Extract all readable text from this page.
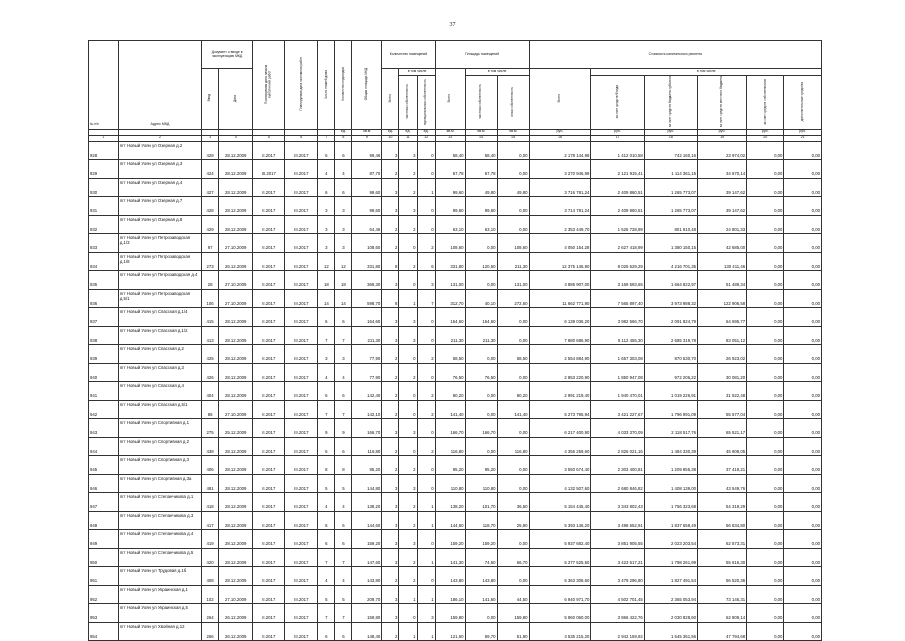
37
№ п/п	Адрес МКД	Документ о вводе в эксплуатацию МКД		Планируемая дата начала выполнения работ	Планируемая дата окончания работ	Число этажей дома	Количество подъездов	Общая площадь МКД	Количество помещений			Площадь помещений			Стоимость капитального ремонта					
		Ввод	Дата						Всего	в том числе		Всего	в том числе		Всего	в том числе				
										частная собственность	муниципальная собственность		частная собственность	иная собственность		за счет средств Фонда	за счет средств бюджета субъекта	за счет средств местного бюджета	за счет средств собственников	дополнительные средства
							ед.	кв.м	ед.	ед.	ед.	кв.м	кв.м	кв.м	руб.	руб.	руб.	руб.	руб.	руб.
1	2	3	4	5	6	7	8	9	10	11	12	13	14	15	16	17	18	19	20	21
928	пгт Новый Уоян ул Озерная д.2	428	28.12.2009	II.2017	III.2017	6	6	99,46	3	3	0	58,40	58,40	0,00	2 178 144,98	1 412 010,58	742 160,16	23 974,02	0,00	0,00
929	пгт Новый Уоян ул Озерная д.3	424	28.12.2009	III.2017	III.2017	4	4	87,70	2	2	0	67,78	67,78	0,00	3 270 946,99	2 121 915,41	1 114 361,15	34 670,14	0,00	0,00
930	пгт Новый Уоян ул Озерная д.4	427	28.12.2009	II.2017	III.2017	6	6	99,60	3	2	1	99,60	49,80	49,80	3 716 781,24	2 409 860,51	1 265 773,07	39 147,62	0,00	0,00
931	пгт Новый Уоян ул Озерная д.7	428	28.12.2009	II.2017	III.2017	3	3	99,60	3	3	0	99,60	99,60	0,00	3 714 781,24	2 409 860,51	1 265 773,07	39 147,62	0,00	0,00
932	пгт Новый Уоян ул Озерная д.8	429	28.12.2009	II.2017	III.2017	3	3	64,46	2	2	0	63,10	63,10	0,00	2 353 449,70	1 526 728,99	801 910,48	24 801,33	0,00	0,00
933	пгт Новый Уоян ул Петрозаводская д.1/3	97	27.10.2009	II.2017	III.2017	3	3	108,60	2	0	2	108,60	0,00	108,60	4 050 154,28	2 627 418,99	1 380 150,15	42 685,00	0,00	0,00
934	пгт Новый Уоян ул Петрозаводская д.1/8	273	26.12.2009	II.2017	III.2017	12	12	331,80	8	2	6	331,80	120,50	211,30	12 375 146,90	8 025 629,29	4 216 701,35	130 411,46	0,00	0,00
935	пгт Новый Уоян ул Петрозаводская д.4	28	27.10.2009	II.2017	III.2017	18	18	369,30	3	0	3	131,00	0,00	131,00	4 885 907,00	3 169 593,65	1 664 822,97	51 489,34	0,00	0,00
936	пгт Новый Уоян ул Петрозаводская д.5/1	106	27.10.2009	II.2017	III.2017	14	14	598,70	8	1	7	312,70	40,10	272,60	11 662 771,90	7 565 897,40	3 973 988,32	122 906,58	0,00	0,00
937	пгт Новый Уоян ул Спасская д.1/4	415	28.12.2009	II.2017	III.2017	6	6	164,60	3	3	0	164,60	164,60	0,00	6 139 036,20	3 982 566,70	2 091 824,79	64 695,77	0,00	0,00
938	пгт Новый Уоян ул Спасская д.1/2	413	28.12.2009	II.2017	III.2017	7	7	211,30	3	3	0	211,30	211,30	0,00	7 880 686,90	5 112 455,30	2 685 319,78	83 051,12	0,00	0,00
939	пгт Новый Уоян ул Спасская д.2	425	28.12.2009	II.2017	III.2017	3	3	77,90	2	0	2	68,50	0,00	68,50	2 554 884,90	1 657 303,08	870 530,70	26 923,02	0,00	0,00
940	пгт Новый Уоян ул Спасская д.3	426	28.12.2009	II.2017	III.2017	4	4	77,90	2	2	0	76,50	76,50	0,00	2 853 220,90	1 850 947,08	972 206,22	30 081,20	0,00	0,00
941	пгт Новый Уоян ул Спасская д.4	404	28.12.2009	II.2017	III.2017	6	6	142,40	2	0	2	80,20	0,00	80,20	2 991 219,40	1 940 470,01	1 019 226,91	31 522,48	0,00	0,00
942	пгт Новый Уоян ул Спасская д.5/1	86	27.10.2009	II.2017	III.2017	7	7	142,10	2	0	2	141,40	0,00	141,40	5 273 795,94	3 421 227,67	1 796 991,09	55 577,04	0,00	0,00
943	пгт Новый Уоян ул Спортивная д.1	275	25.12.2009	II.2017	III.2017	9	9	166,70	3	3	0	166,70	166,70	0,00	6 217 400,90	4 033 370,09	2 118 517,76	65 521,17	0,00	0,00
944	пгт Новый Уоян ул Спортивная д.2	438	28.12.2009	II.2017	III.2017	6	6	116,80	2	0	2	116,80	0,00	116,80	4 356 259,60	2 826 021,16	1 484 330,39	45 908,05	0,00	0,00
945	пгт Новый Уоян ул Спортивная д.3	406	28.12.2009	II.2017	III.2017	8	8	95,20	2	2	0	95,20	95,20	0,00	3 550 674,40	2 303 400,81	1 209 855,38	37 418,21	0,00	0,00
946	пгт Новый Уоян ул Спортивная д.3а	481	28.12.2009	II.2017	III.2017	5	5	144,80	3	3	0	110,80	110,80	0,00	4 132 507,60	2 680 846,82	1 408 139,00	43 549,76	0,00	0,00
947	пгт Новый Уоян ул Степанчикова д.1	418	28.12.2009	II.2017	III.2017	4	4	138,20	3	2	1	138,20	101,70	36,50	5 154 445,40	3 343 802,43	1 756 323,68	54 319,29	0,00	0,00
948	пгт Новый Уоян ул Степанчикова д.3	417	28.12.2009	II.2017	III.2017	6	6	144,60	3	2	1	144,60	118,70	25,90	5 393 146,20	3 498 652,91	1 837 658,49	56 834,80	0,00	0,00
949	пгт Новый Уоян ул Степанчикова д.4	419	28.12.2009	II.2017	III.2017	6	6	159,20	3	3	0	159,20	159,20	0,00	5 937 682,40	3 851 905,55	2 023 203,54	62 573,31	0,00	0,00
950	пгт Новый Уоян ул Степанчикова д.5	420	28.12.2009	II.2017	III.2017	7	7	147,60	3	2	1	141,30	74,60	66,70	5 277 525,50	3 423 617,21	1 798 261,99	55 616,30	0,00	0,00
951	пгт Новый Уоян ул Трудовая д.1б	408	28.12.2009	II.2017	III.2017	4	4	143,80	2	2	0	143,80	143,80	0,00	5 363 308,60	3 479 296,80	1 827 491,54	56 520,36	0,00	0,00
952	пгт Новый Уоян ул Украинская д.1	102	27.10.2009	II.2017	III.2017	5	5	209,70	3	1	1	186,10	141,60	44,50	6 940 971,70	4 502 701,45	2 365 053,94	73 146,31	0,00	0,00
953	пгт Новый Уоян ул Украинская д.5	264	26.12.2009	II.2017	III.2017	7	7	159,80	3	0	3	159,80	0,00	159,80	5 960 060,00	3 866 422,76	2 030 828,60	62 809,14	0,00	0,00
954	пгт Новый Уоян ул Хвойная д.12	266	26.12.2009	II.2017	III.2017	6	6	148,40	2	1	1	121,60	69,70	51,90	4 535 215,20	2 942 159,92	1 545 361,56	47 794,68	0,00	0,00
